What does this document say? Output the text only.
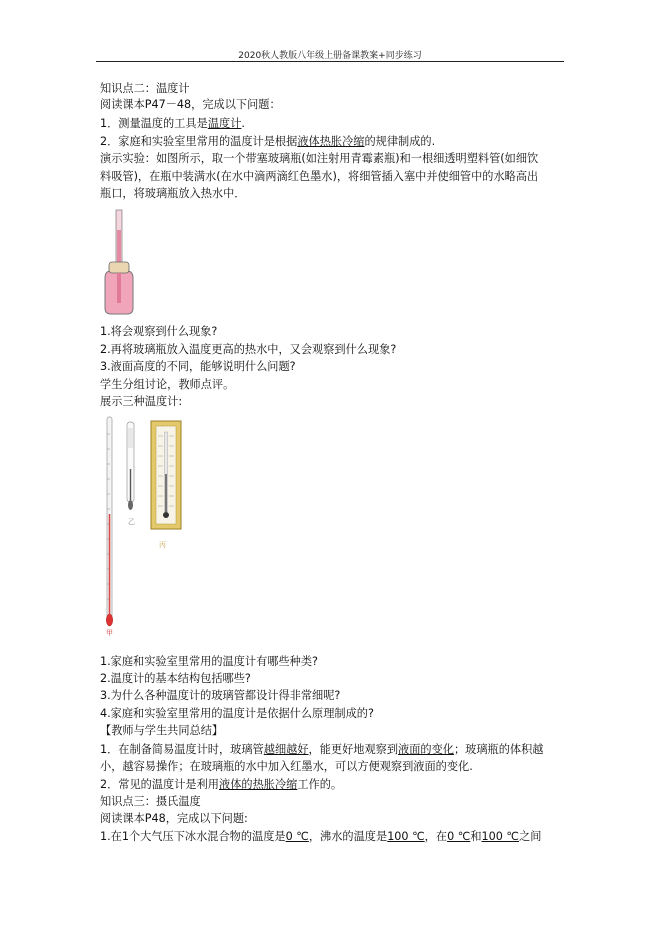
2020秋人教版八年级上册备课教案+同步练习
知识点二：温度计
阅读课本P47－48，完成以下问题：
1．测量温度的工具是温度计.
2．家庭和实验室里常用的温度计是根据液体热胀冷缩的规律制成的.
演示实验：如图所示，取一个带塞玻璃瓶(如注射用青霉素瓶)和一根细透明塑料管(如细饮
料吸管)，在瓶中装满水(在水中滴两滴红色墨水)，将细管插入塞中并使细管中的水略高出
瓶口，将玻璃瓶放入热水中．
1.将会观察到什么现象?
2.再将玻璃瓶放入温度更高的热水中，又会观察到什么现象?
3.液面高度的不同，能够说明什么问题?
学生分组讨论，教师点评。
展示三种温度计:
甲
乙
丙
1.家庭和实验室里常用的温度计有哪些种类?
2.温度计的基本结构包括哪些?
3.为什么各种温度计的玻璃管都设计得非常细呢?
4.家庭和实验室里常用的温度计是依据什么原理制成的?
【教师与学生共同总结】
1．在制备简易温度计时，玻璃管越细越好，能更好地观察到液面的变化；玻璃瓶的体积越
小，越容易操作；在玻璃瓶的水中加入红墨水，可以方便观察到液面的变化.
2．常见的温度计是利用液体的热胀冷缩工作的。
知识点三：摄氏温度
阅读课本P48，完成以下问题:
1.在1个大气压下冰水混合物的温度是0 ℃，沸水的温度是100 ℃，在0 ℃和100 ℃之间
